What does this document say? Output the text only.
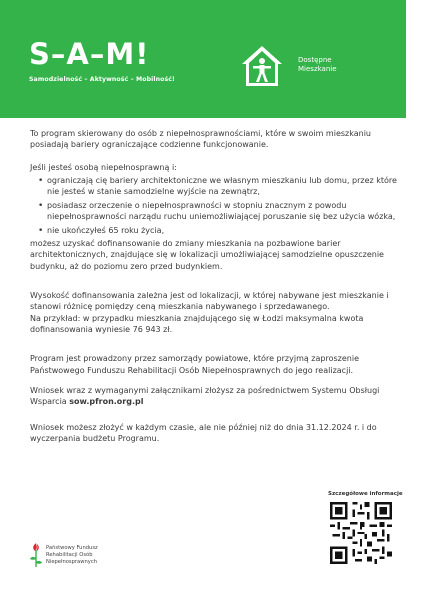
S–A–M!
Samodzielność – Aktywność – Mobilność!
Dostępne
Mieszkanie

To program skierowany do osób z niepełnosprawnościami, które w swoim mieszkaniu posiadają bariery ograniczające codzienne funkcjonowanie.

Jeśli jesteś osobą niepełnosprawną i:

• ograniczają cię bariery architektoniczne we własnym mieszkaniu lub domu, przez które nie jesteś w stanie samodzielne wyjście na zewnątrz,
• posiadasz orzeczenie o niepełnosprawności w stopniu znacznym z powodu niepełnosprawności narządu ruchu uniemożliwiającej poruszanie się bez użycia wózka,
• nie ukończyłeś 65 roku życia,

możesz uzyskać dofinansowanie do zmiany mieszkania na pozbawione barier architektonicznych, znajdujące się w lokalizacji umożliwiającej samodzielne opuszczenie budynku, aż do poziomu zero przed budynkiem.

Wysokość dofinansowania zależna jest od lokalizacji, w której nabywane jest mieszkanie i stanowi różnicę pomiędzy ceną mieszkania nabywanego i sprzedawanego.

Na przykład: w przypadku mieszkania znajdującego się w Łodzi maksymalna kwota dofinansowania wyniesie 76 943 zł.

Program jest prowadzony przez samorządy powiatowe, które przyjmą zaproszenie Państwowego Funduszu Rehabilitacji Osób Niepełnosprawnych do jego realizacji.

Wniosek wraz z wymaganymi załącznikami złożysz za pośrednictwem Systemu Obsługi Wsparcia sow.pfron.org.pl

Wniosek możesz złożyć w każdym czasie, ale nie później niż do dnia 31.12.2024 r. i do wyczerpania budżetu Programu.

Szczegółowe informacje
Państwowy Fundusz
Rehabilitacji Osób
Niepełnosprawnych
